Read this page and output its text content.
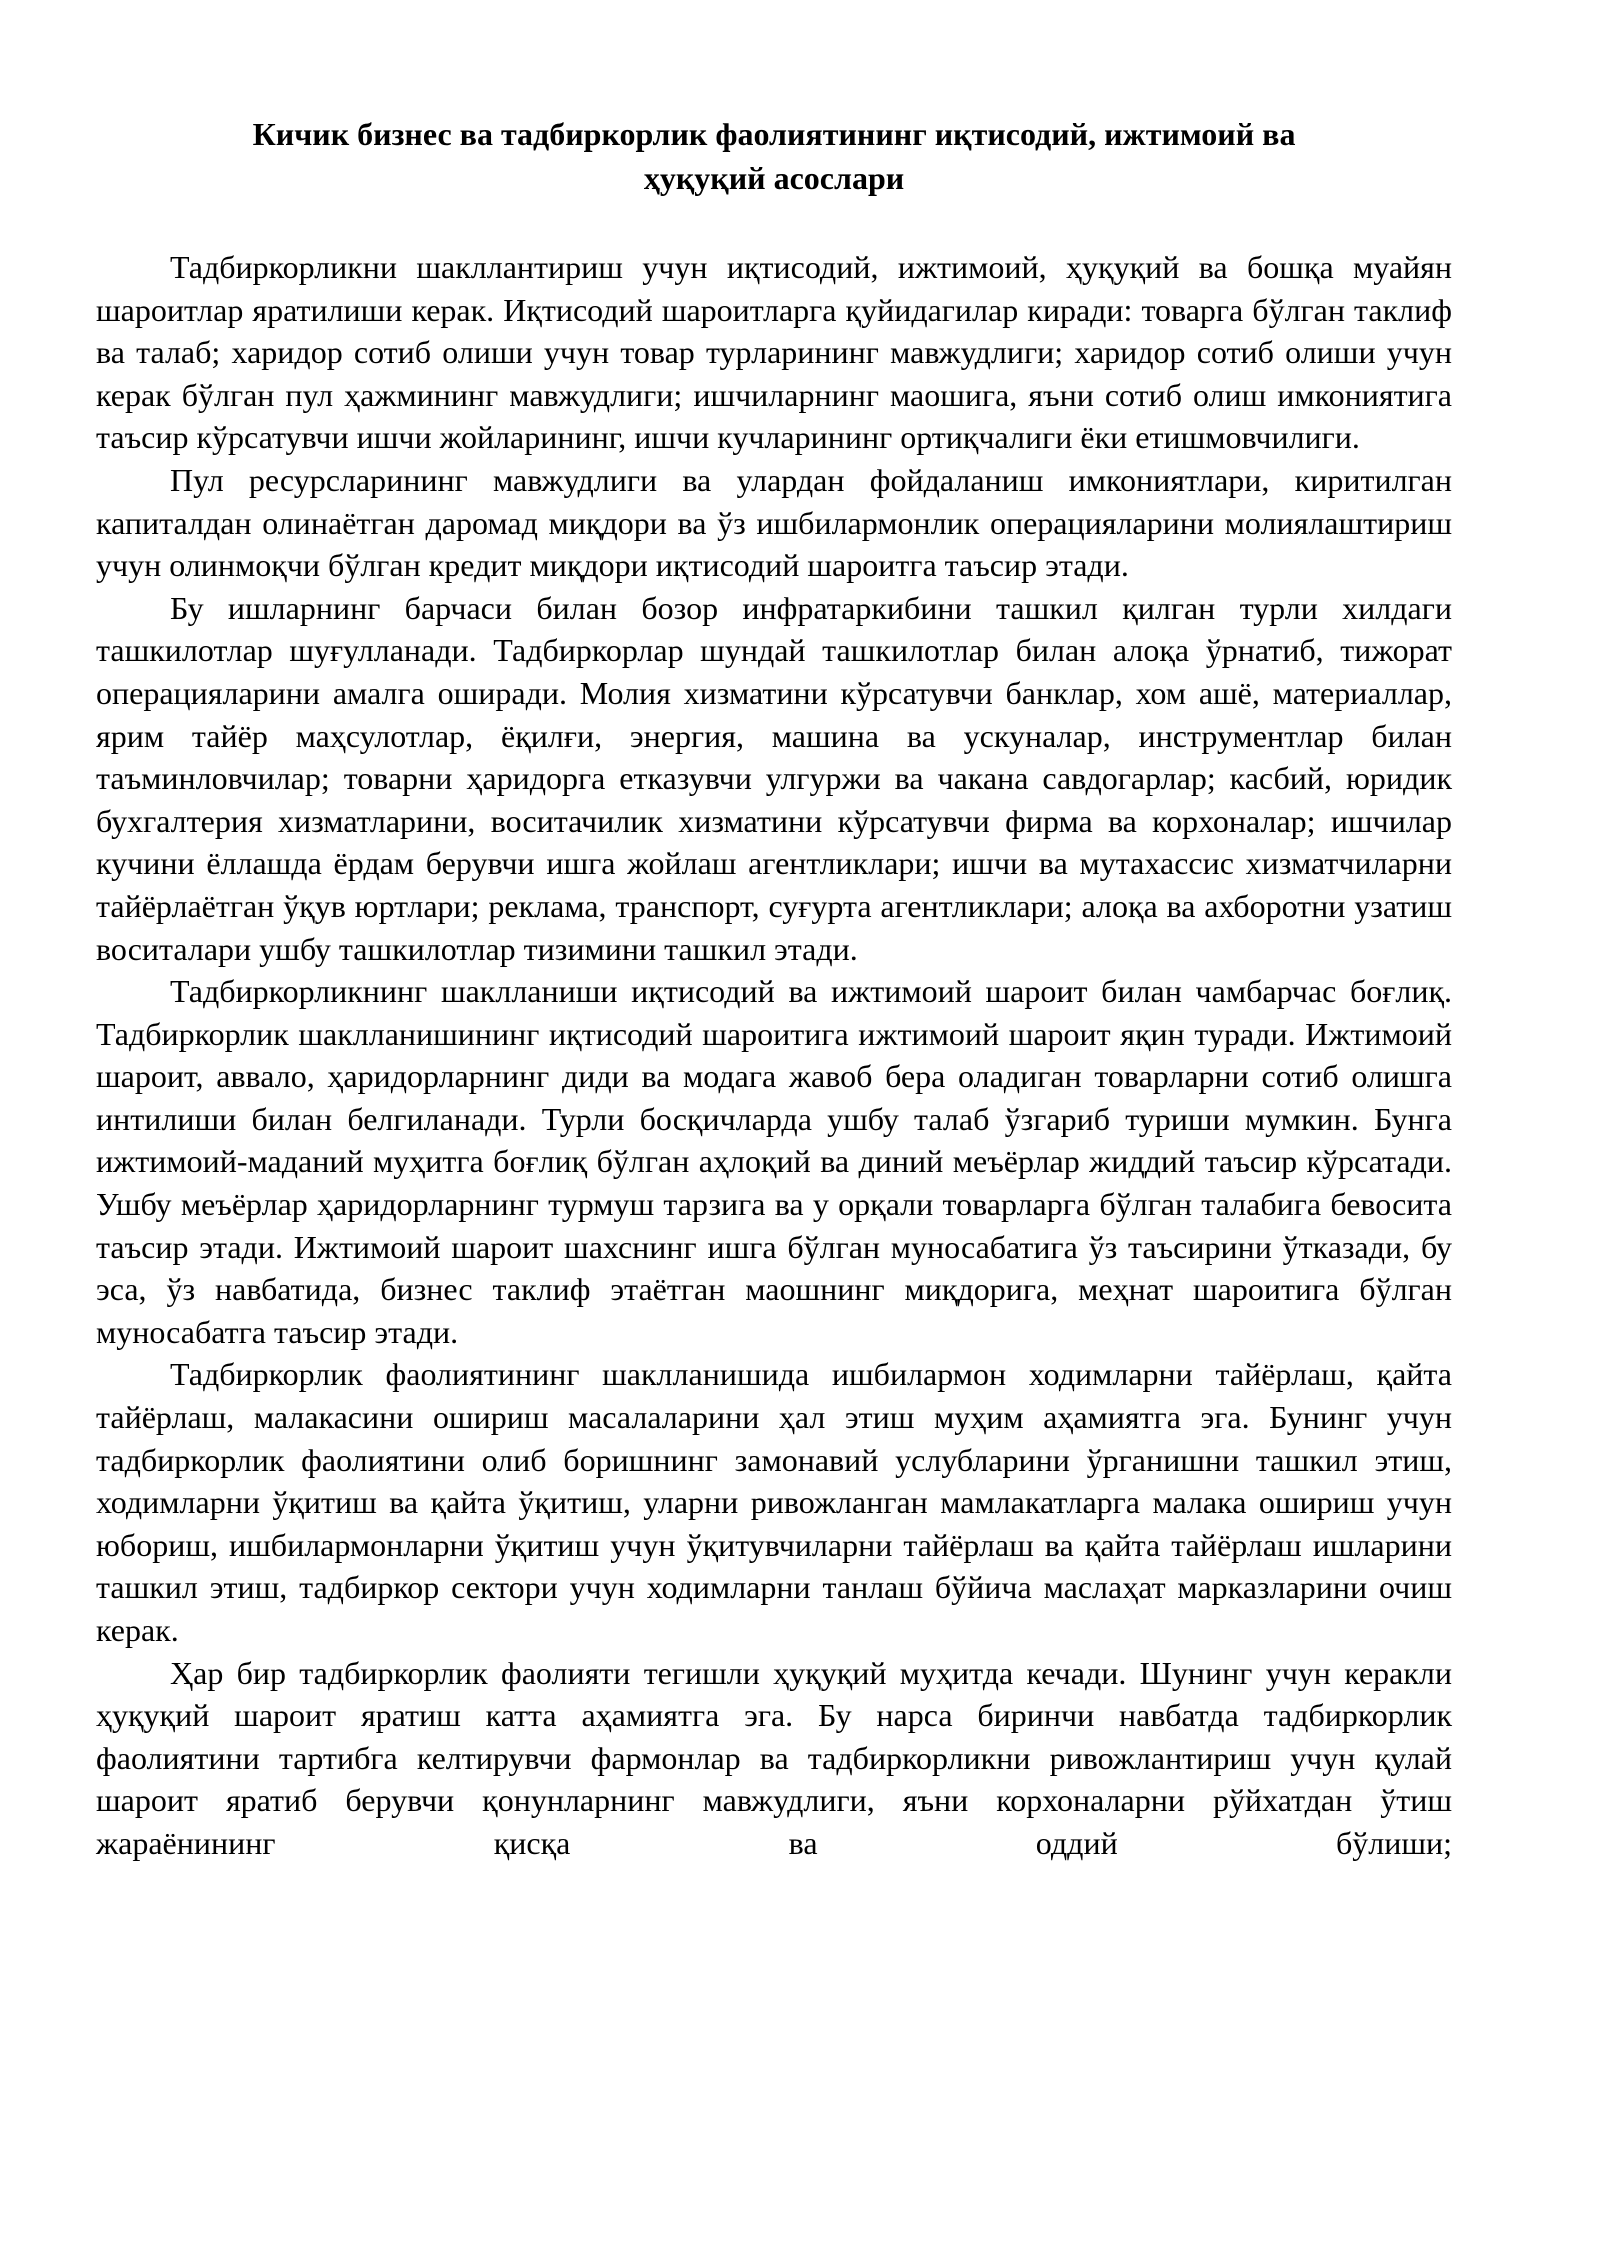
Кичик бизнес ва тадбиркорлик фаолиятининг иқтисодий, ижтимоий ва
ҳуқуқий асослари

Тадбиркорликни шакллантириш учун иқтисодий, ижтимоий, ҳуқуқий ва бошқа муайян шароитлар яратилиши керак. Иқтисодий шароитларга қуйидагилар киради: товарга бўлган таклиф ва талаб; харидор сотиб олиши учун товар турларининг мавжудлиги; харидор сотиб олиши учун керак бўлган пул ҳажмининг мавжудлиги; ишчиларнинг маошига, яъни сотиб олиш имкониятига таъсир кўрсатувчи ишчи жойларининг, ишчи кучларининг ортиқчалиги ёки етишмовчилиги.

Пул ресурсларининг мавжудлиги ва улардан фойдаланиш имкониятлари, киритилган капиталдан олинаётган даромад миқдори ва ўз ишбилармонлик операцияларини молиялаштириш учун олинмоқчи бўлган кредит миқдори иқтисодий шароитга таъсир этади.

Бу ишларнинг барчаси билан бозор инфратаркибини ташкил қилган турли хилдаги ташкилотлар шуғулланади. Тадбиркорлар шундай ташкилотлар билан алоқа ўрнатиб, тижорат операцияларини амалга оширади. Молия хизматини кўрсатувчи банклар, хом ашё, материаллар, ярим тайёр маҳсулотлар, ёқилғи, энергия, машина ва ускуналар, инструментлар билан таъминловчилар; товарни ҳаридорга етказувчи улгуржи ва чакана савдогарлар; касбий, юридик бухгалтерия хизматларини, воситачилик хизматини кўрсатувчи фирма ва корхоналар; ишчилар кучини ёллашда ёрдам берувчи ишга жойлаш агентликлари; ишчи ва мутахассис хизматчиларни тайёрлаётган ўқув юртлари; реклама, транспорт, суғурта агентликлари; алоқа ва ахборотни узатиш воситалари ушбу ташкилотлар тизимини ташкил этади.

Тадбиркорликнинг шаклланиши иқтисодий ва ижтимоий шароит билан чамбарчас боғлиқ. Тадбиркорлик шаклланишининг иқтисодий шароитига ижтимоий шароит яқин туради. Ижтимоий шароит, аввало, ҳаридорларнинг диди ва модага жавоб бера оладиган товарларни сотиб олишга интилиши билан белгиланади. Турли босқичларда ушбу талаб ўзгариб туриши мумкин. Бунга ижтимоий-маданий муҳитга боғлиқ бўлган аҳлоқий ва диний меъёрлар жиддий таъсир кўрсатади. Ушбу меъёрлар ҳаридорларнинг турмуш тарзига ва у орқали товарларга бўлган талабига бевосита таъсир этади. Ижтимоий шароит шахснинг ишга бўлган муносабатига ўз таъсирини ўтказади, бу эса, ўз навбатида, бизнес таклиф этаётган маошнинг миқдорига, меҳнат шароитига бўлган муносабатга таъсир этади.

Тадбиркорлик фаолиятининг шаклланишида ишбилармон ходимларни тайёрлаш, қайта тайёрлаш, малакасини ошириш масалаларини ҳал этиш муҳим аҳамиятга эга. Бунинг учун тадбиркорлик фаолиятини олиб боришнинг замонавий услубларини ўрганишни ташкил этиш, ходимларни ўқитиш ва қайта ўқитиш, уларни ривожланган мамлакатларга малака ошириш учун юбориш, ишбилармонларни ўқитиш учун ўқитувчиларни тайёрлаш ва қайта тайёрлаш ишларини ташкил этиш, тадбиркор сектори учун ходимларни танлаш бўйича маслаҳат марказларини очиш керак.

Ҳар бир тадбиркорлик фаолияти тегишли ҳуқуқий муҳитда кечади. Шунинг учун керакли ҳуқуқий шароит яратиш катта аҳамиятга эга. Бу нарса биринчи навбатда тадбиркорлик фаолиятини тартибга келтирувчи фармонлар ва тадбиркорликни ривожлантириш учун қулай шароит яратиб берувчи қонунларнинг мавжудлиги, яъни корхоналарни рўйхатдан ўтиш жараёнининг қисқа ва оддий бўлиши;
